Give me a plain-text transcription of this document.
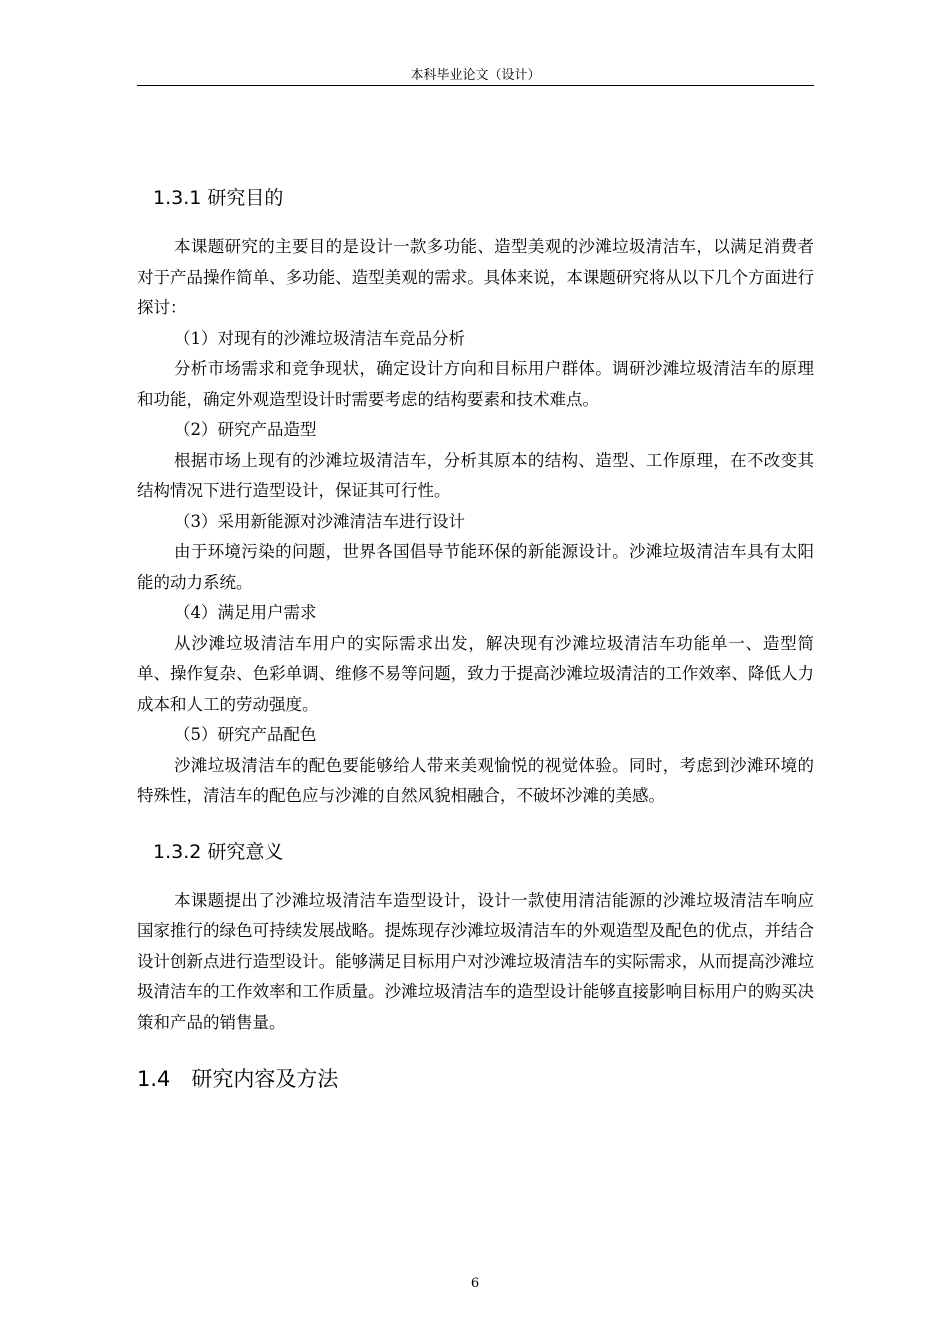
本科毕业论文（设计）
1.3.1 研究目的

本课题研究的主要目的是设计一款多功能、造型美观的沙滩垃圾清洁车，以满足消费者对于产品操作简单、多功能、造型美观的需求。具体来说，本课题研究将从以下几个方面进行探讨：

（1）对现有的沙滩垃圾清洁车竞品分析

分析市场需求和竞争现状，确定设计方向和目标用户群体。调研沙滩垃圾清洁车的原理和功能，确定外观造型设计时需要考虑的结构要素和技术难点。

（2）研究产品造型

根据市场上现有的沙滩垃圾清洁车，分析其原本的结构、造型、工作原理，在不改变其结构情况下进行造型设计，保证其可行性。

（3）采用新能源对沙滩清洁车进行设计

由于环境污染的问题，世界各国倡导节能环保的新能源设计。沙滩垃圾清洁车具有太阳能的动力系统。

（4）满足用户需求

从沙滩垃圾清洁车用户的实际需求出发，解决现有沙滩垃圾清洁车功能单一、造型简单、操作复杂、色彩单调、维修不易等问题，致力于提高沙滩垃圾清洁的工作效率、降低人力成本和人工的劳动强度。

（5）研究产品配色

沙滩垃圾清洁车的配色要能够给人带来美观愉悦的视觉体验。同时，考虑到沙滩环境的特殊性，清洁车的配色应与沙滩的自然风貌相融合，不破坏沙滩的美感。

1.3.2 研究意义

本课题提出了沙滩垃圾清洁车造型设计，设计一款使用清洁能源的沙滩垃圾清洁车响应国家推行的绿色可持续发展战略。提炼现存沙滩垃圾清洁车的外观造型及配色的优点，并结合设计创新点进行造型设计。能够满足目标用户对沙滩垃圾清洁车的实际需求，从而提高沙滩垃圾清洁车的工作效率和工作质量。沙滩垃圾清洁车的造型设计能够直接影响目标用户的购买决策和产品的销售量。

1.4　研究内容及方法
6
